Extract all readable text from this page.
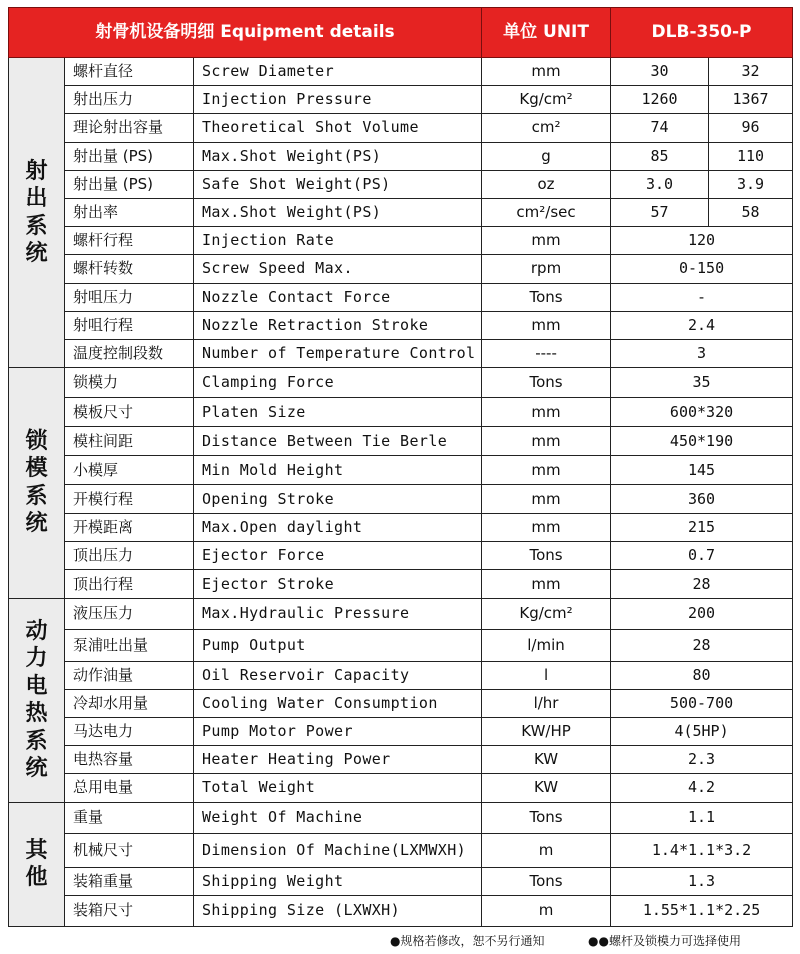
射骨机设备明细 Equipment details			单位 UNIT	DLB-350-P	
射出系统	螺杆直径	Screw Diameter	mm	30	32
	射出压力	Injection Pressure	Kg/cm²	1260	1367
	理论射出容量	Theoretical Shot Volume	cm²	74	96
	射出量 (PS)	Max.Shot Weight(PS)	g	85	110
	射出量 (PS)	Safe Shot Weight(PS)	oz	3.0	3.9
	射出率	Max.Shot Weight(PS)	cm²/sec	57	58
	螺杆行程	Injection Rate	mm	120	
	螺杆转数	Screw Speed Max.	rpm	0-150	
	射咀压力	Nozzle Contact Force	Tons	-	
	射咀行程	Nozzle Retraction Stroke	mm	2.4	
	温度控制段数	Number of Temperature Control	----	3	
锁模系统	锁模力	Clamping Force	Tons	35	
	模板尺寸	Platen Size	mm	600*320	
	模柱间距	Distance Between Tie Berle	mm	450*190	
	小模厚	Min Mold Height	mm	145	
	开模行程	Opening Stroke	mm	360	
	开模距离	Max.Open daylight	mm	215	
	顶出压力	Ejector Force	Tons	0.7	
	顶出行程	Ejector Stroke	mm	28	
动力电热系统	液压压力	Max.Hydraulic Pressure	Kg/cm²	200	
	泵浦吐出量	Pump Output	l/min	28	
	动作油量	Oil Reservoir Capacity	l	80	
	冷却水用量	Cooling Water Consumption	l/hr	500-700	
	马达电力	Pump Motor Power	KW/HP	4(5HP)	
	电热容量	Heater Heating Power	KW	2.3	
	总用电量	Total Weight	KW	4.2	
其他	重量	Weight Of Machine	Tons	1.1	
	机械尺寸	Dimension Of Machine(LXMWXH)	m	1.4*1.1*3.2	
	装箱重量	Shipping Weight	Tons	1.3	
	装箱尺寸	Shipping Size (LXWXH)	m	1.55*1.1*2.25	
●规格若修改，恕不另行通知	●●螺杆及锁模力可选择使用
